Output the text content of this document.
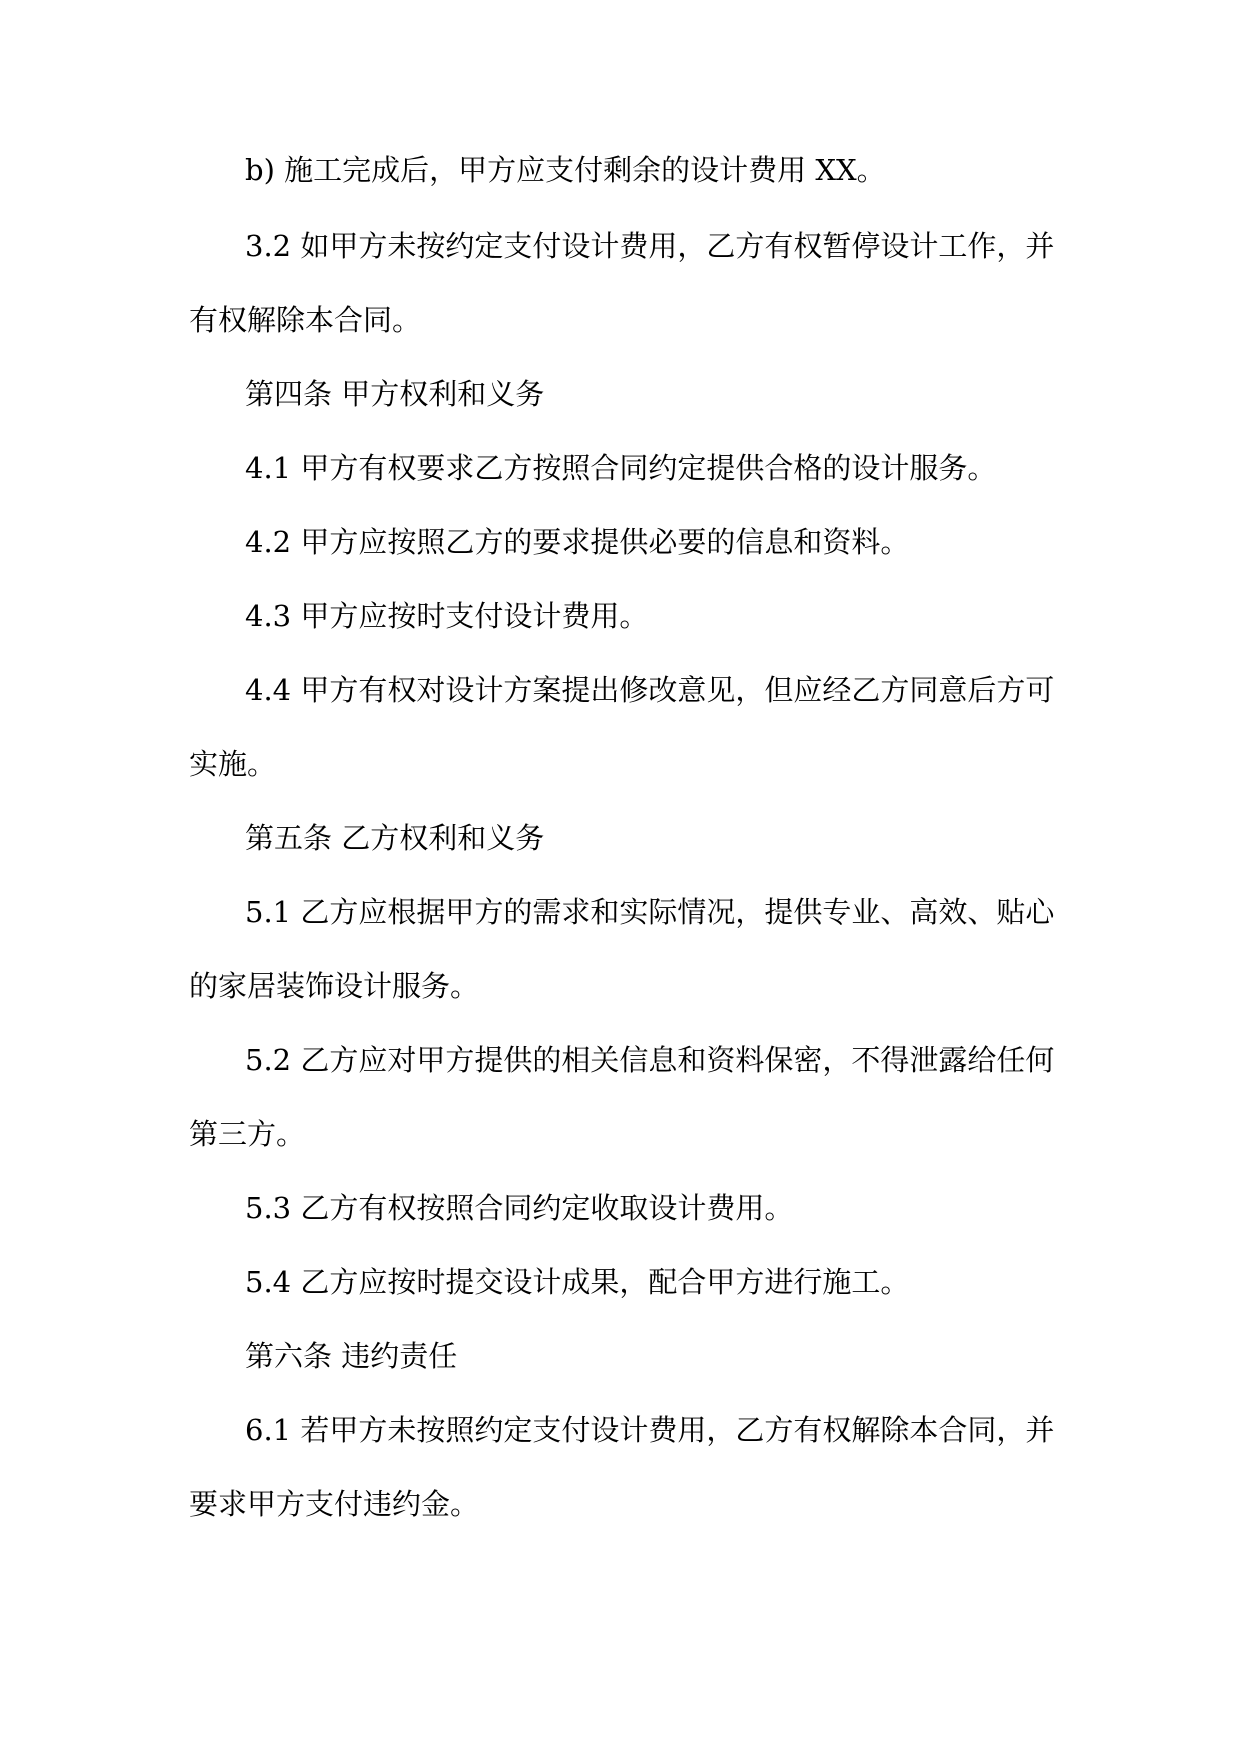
b) 施工完成后，甲方应支付剩余的设计费用 XX。

3.2 如甲方未按约定支付设计费用，乙方有权暂停设计工作，并

有权解除本合同。

第四条 甲方权利和义务

4.1 甲方有权要求乙方按照合同约定提供合格的设计服务。

4.2 甲方应按照乙方的要求提供必要的信息和资料。

4.3 甲方应按时支付设计费用。

4.4 甲方有权对设计方案提出修改意见，但应经乙方同意后方可

实施。

第五条 乙方权利和义务

5.1 乙方应根据甲方的需求和实际情况，提供专业、高效、贴心

的家居装饰设计服务。

5.2 乙方应对甲方提供的相关信息和资料保密，不得泄露给任何

第三方。

5.3 乙方有权按照合同约定收取设计费用。

5.4 乙方应按时提交设计成果，配合甲方进行施工。

第六条 违约责任

6.1 若甲方未按照约定支付设计费用，乙方有权解除本合同，并

要求甲方支付违约金。
